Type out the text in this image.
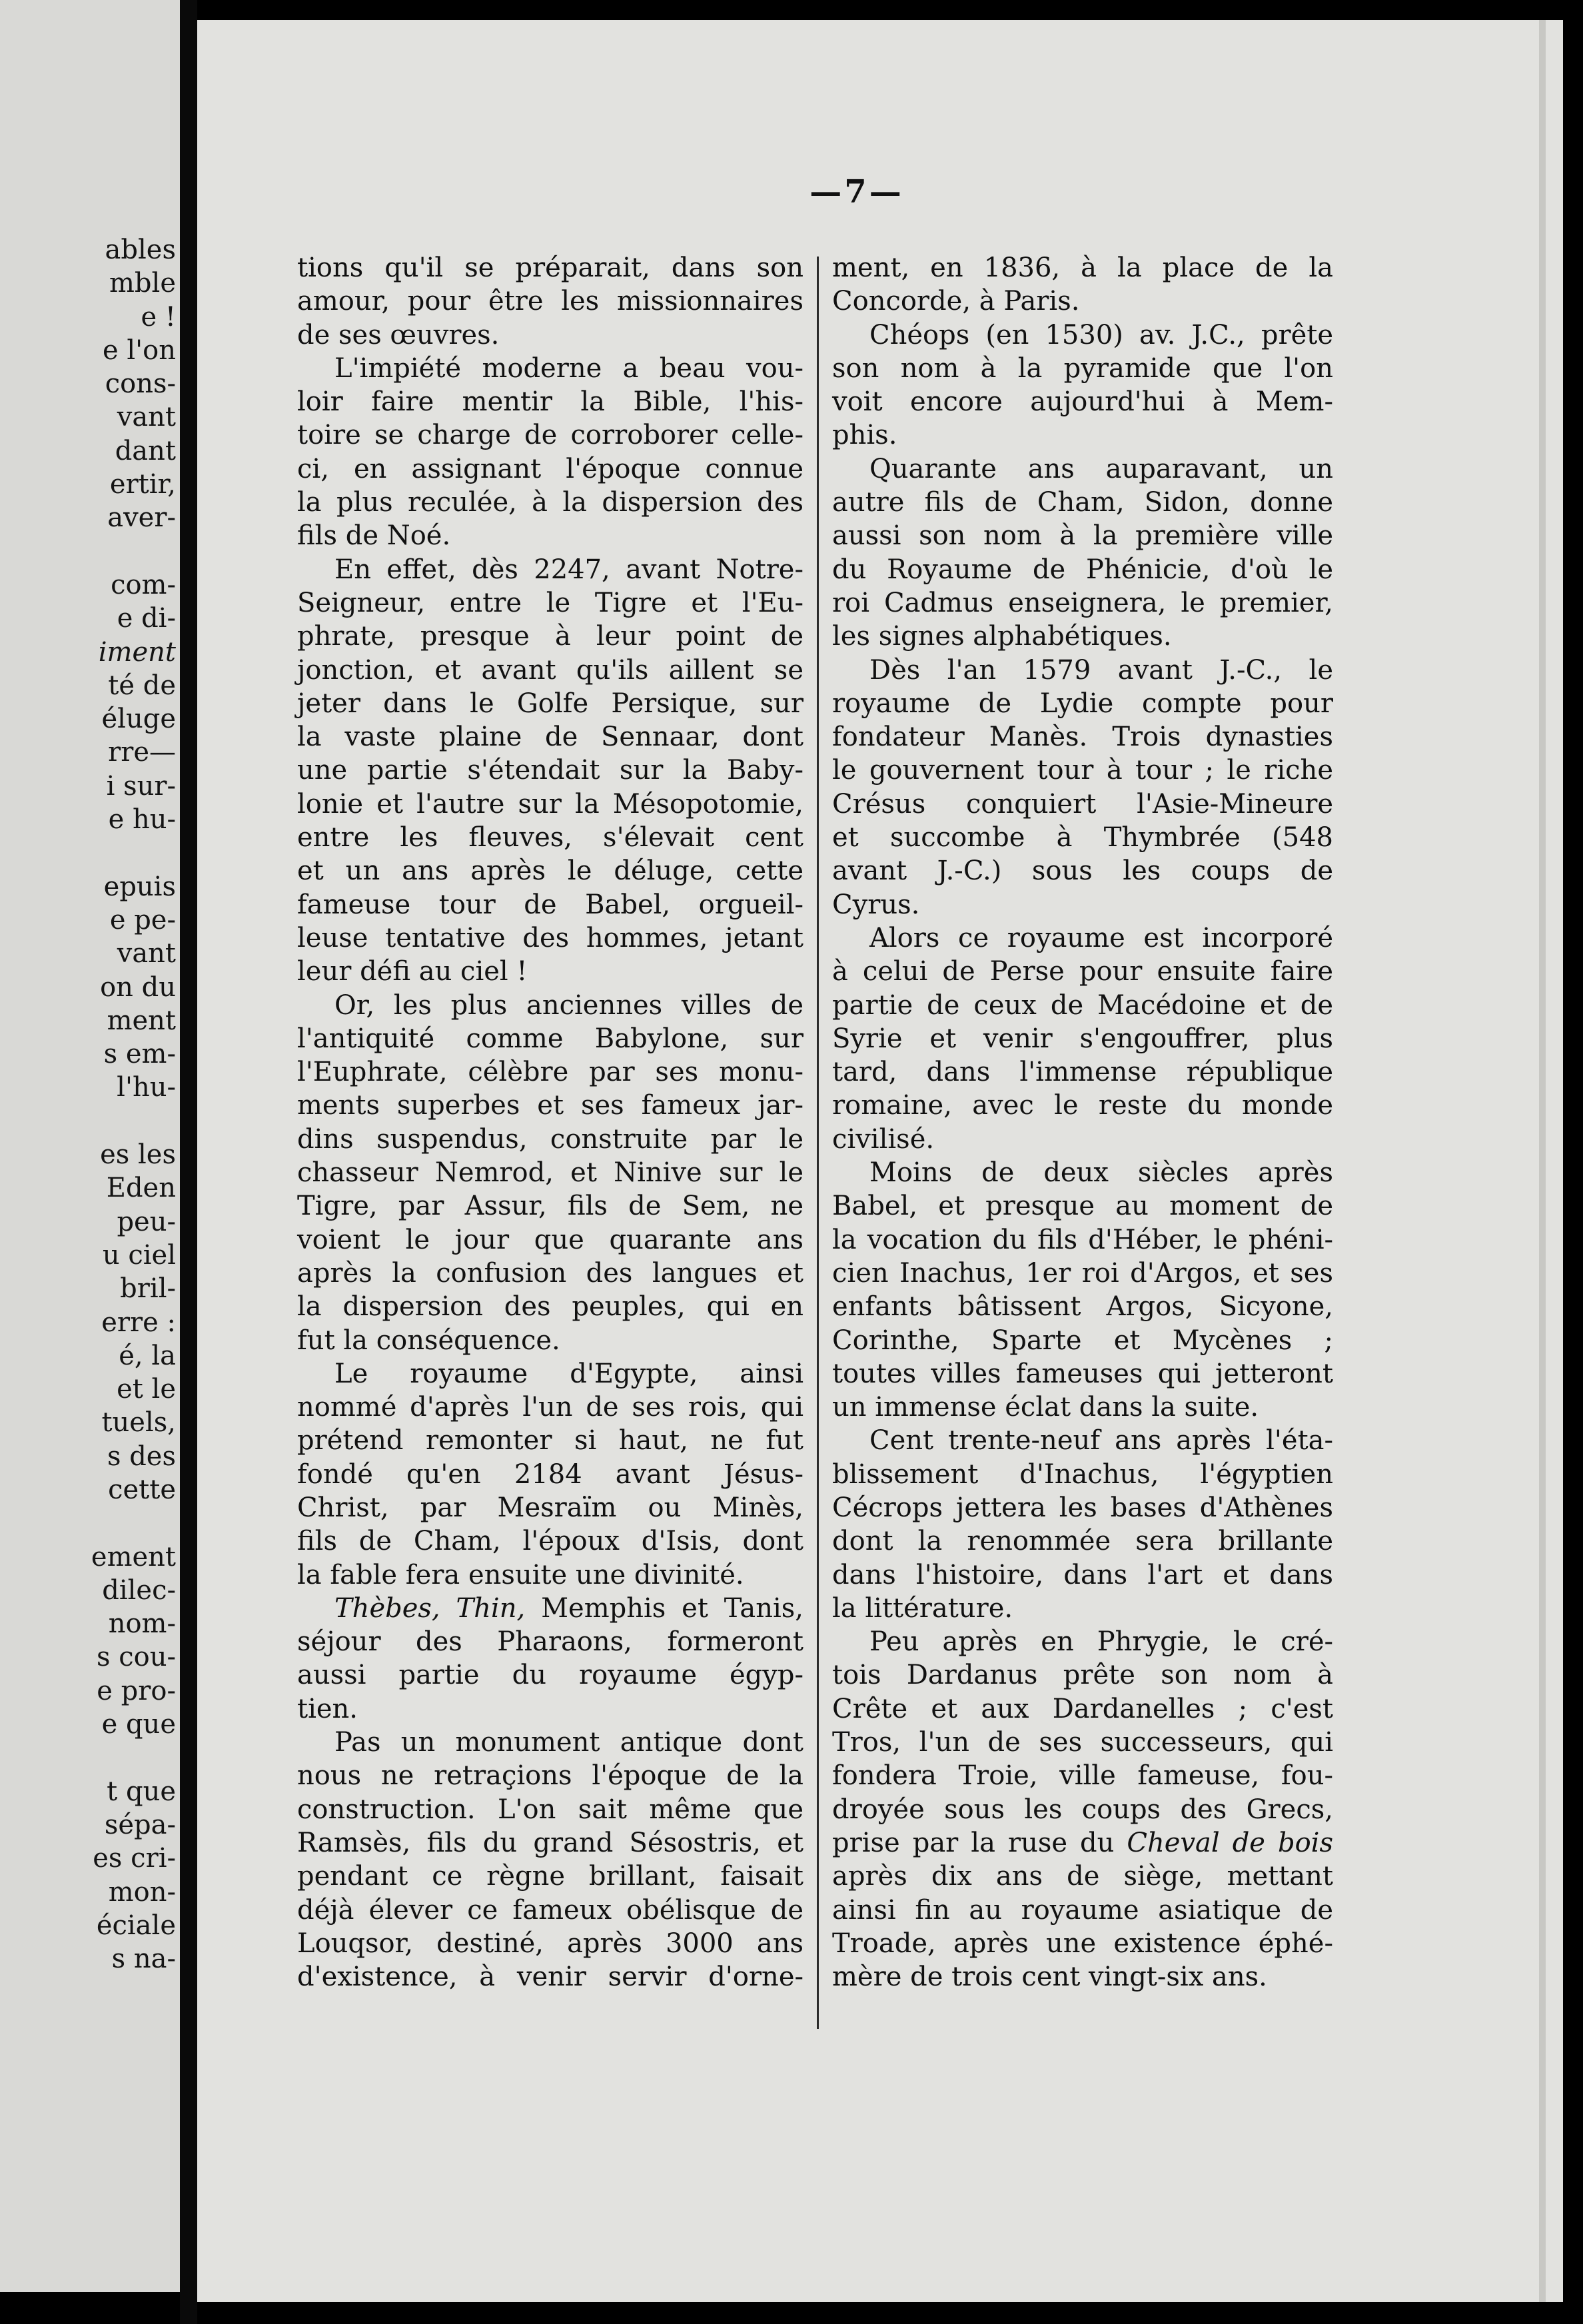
ables
mble
e !
e l'on
cons-
vant
dant
ertir,
aver-
com-
e di-
iment
té de
éluge
rre—
i sur-
e hu-
epuis
e pe-
vant
on du
ment
s em-
l'hu-
es les
Eden
peu-
u ciel
bril-
erre :
é, la
et le
tuels,
s des
cette
ement
dilec-
nom-
s cou-
e pro-
e que
t que
sépa-
es cri-
mon-
éciale
s na-
—7—
tions qu'il se préparait, dans son
amour, pour être les missionnaires
de ses œuvres.
L'impiété moderne a beau vou-
loir faire mentir la Bible, l'his-
toire se charge de corroborer celle-
ci, en assignant l'époque connue
la plus reculée, à la dispersion des
fils de Noé.
En effet, dès 2247, avant Notre-
Seigneur, entre le Tigre et l'Eu-
phrate, presque à leur point de
jonction, et avant qu'ils aillent se
jeter dans le Golfe Persique, sur
la vaste plaine de Sennaar, dont
une partie s'étendait sur la Baby-
lonie et l'autre sur la Mésopotomie,
entre les fleuves, s'élevait cent
et un ans après le déluge, cette
fameuse tour de Babel, orgueil-
leuse tentative des hommes, jetant
leur défi au ciel !
Or, les plus anciennes villes de
l'antiquité comme Babylone, sur
l'Euphrate, célèbre par ses monu-
ments superbes et ses fameux jar-
dins suspendus, construite par le
chasseur Nemrod, et Ninive sur le
Tigre, par Assur, fils de Sem, ne
voient le jour que quarante ans
après la confusion des langues et
la dispersion des peuples, qui en
fut la conséquence.
Le royaume d'Egypte, ainsi
nommé d'après l'un de ses rois, qui
prétend remonter si haut, ne fut
fondé qu'en 2184 avant Jésus-
Christ, par Mesraïm ou Minès,
fils de Cham, l'époux d'Isis, dont
la fable fera ensuite une divinité.
Thèbes, Thin, Memphis et Tanis,
séjour des Pharaons, formeront
aussi partie du royaume égyp-
tien.
Pas un monument antique dont
nous ne retraçions l'époque de la
construction. L'on sait même que
Ramsès, fils du grand Sésostris, et
pendant ce règne brillant, faisait
déjà élever ce fameux obélisque de
Louqsor, destiné, après 3000 ans
d'existence, à venir servir d'orne-
ment, en 1836, à la place de la
Concorde, à Paris.
Chéops (en 1530) av. J.C., prête
son nom à la pyramide que l'on
voit encore aujourd'hui à Mem-
phis.
Quarante ans auparavant, un
autre fils de Cham, Sidon, donne
aussi son nom à la première ville
du Royaume de Phénicie, d'où le
roi Cadmus enseignera, le premier,
les signes alphabétiques.
Dès l'an 1579 avant J.-C., le
royaume de Lydie compte pour
fondateur Manès. Trois dynasties
le gouvernent tour à tour ; le riche
Crésus conquiert l'Asie-Mineure
et succombe à Thymbrée (548
avant J.-C.) sous les coups de
Cyrus.
Alors ce royaume est incorporé
à celui de Perse pour ensuite faire
partie de ceux de Macédoine et de
Syrie et venir s'engouffrer, plus
tard, dans l'immense république
romaine, avec le reste du monde
civilisé.
Moins de deux siècles après
Babel, et presque au moment de
la vocation du fils d'Héber, le phéni-
cien Inachus, 1er roi d'Argos, et ses
enfants bâtissent Argos, Sicyone,
Corinthe, Sparte et Mycènes ;
toutes villes fameuses qui jetteront
un immense éclat dans la suite.
Cent trente-neuf ans après l'éta-
blissement d'Inachus, l'égyptien
Cécrops jettera les bases d'Athènes
dont la renommée sera brillante
dans l'histoire, dans l'art et dans
la littérature.
Peu après en Phrygie, le cré-
tois Dardanus prête son nom à
Crête et aux Dardanelles ; c'est
Tros, l'un de ses successeurs, qui
fondera Troie, ville fameuse, fou-
droyée sous les coups des Grecs,
prise par la ruse du Cheval de bois
après dix ans de siège, mettant
ainsi fin au royaume asiatique de
Troade, après une existence éphé-
mère de trois cent vingt-six ans.
